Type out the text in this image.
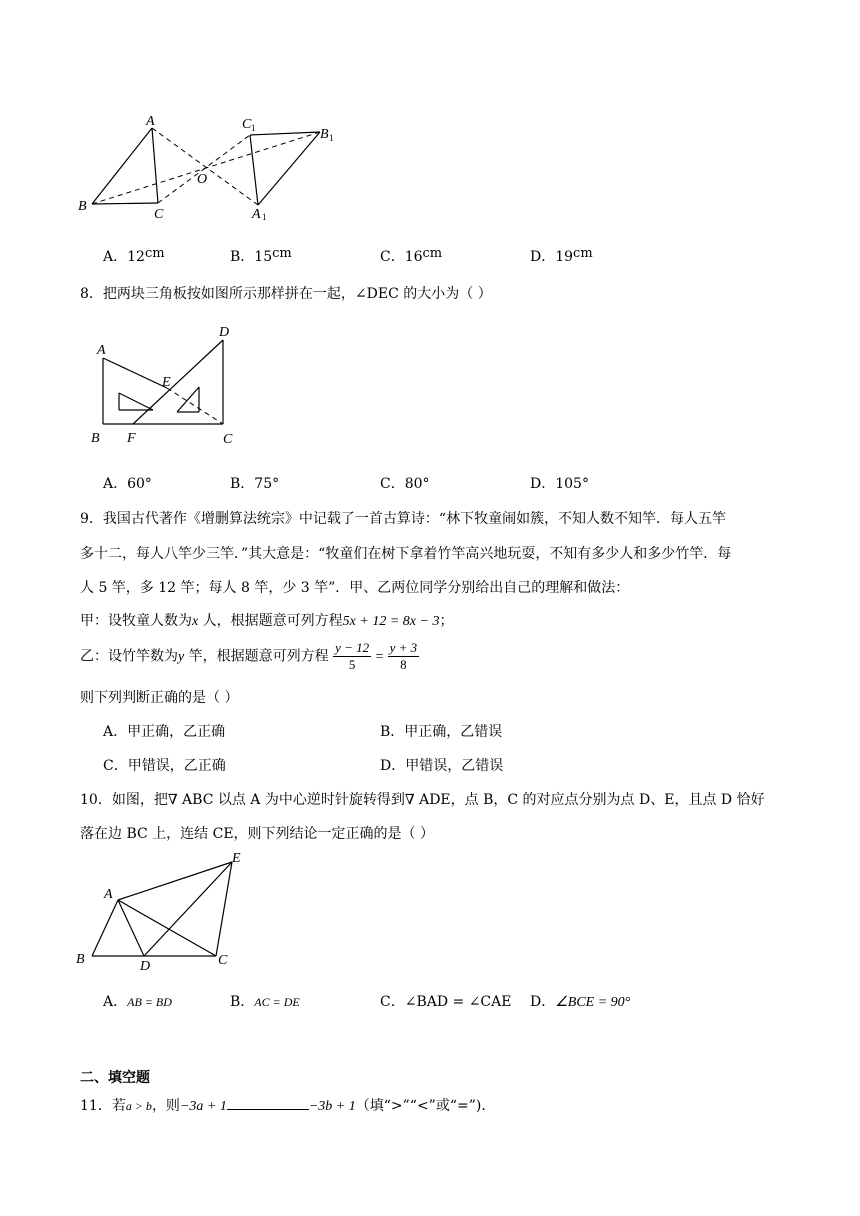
A
B
C
O
A 1
B 1
C 1
A．12cm	B．15cm	C．16cm	D．19cm
8．把两块三角板按如图所示那样拼在一起，∠DEC 的大小为（ ）
A
B	C
D
E
F
A．60°	B．75°	C．80°	D．105°
9．我国古代著作《增删算法统宗》中记载了一首古算诗：“林下牧童闹如簇，不知人数不知竿．每人五竿
多十二，每人八竿少三竿．”其大意是：“牧童们在树下拿着竹竿高兴地玩耍，不知有多少人和多少竹竿．每
人 5 竿，多 12 竿；每人 8 竿，少 3 竿”．甲、乙两位同学分别给出自己的理解和做法：
甲：设牧童人数为x 人，根据题意可列方程5x + 12 = 8x − 3；
乙：设竹竿数为y 竿，根据题意可列方程 $\frac{y - 12}{5} = \frac{y + 3}{8}$
则下列判断正确的是（ ）
A．甲正确，乙正确	B．甲正确，乙错误
C．甲错误，乙正确	D．甲错误，乙错误
10．如图，把∇ ABC 以点 A 为中心逆时针旋转得到∇ ADE，点 B，C 的对应点分别为点 D、E，且点 D 恰好
落在边 BC 上，连结 CE，则下列结论一定正确的是（ ）
A
B	C
D
E
A．AB = BD	B．AC = DE	C．∠BAD = ∠CAE D．∠BCE = 90°
二、填空题
11．若a > b，则−3a + 1	−3b + 1（填“>”“<”或“=”)．
